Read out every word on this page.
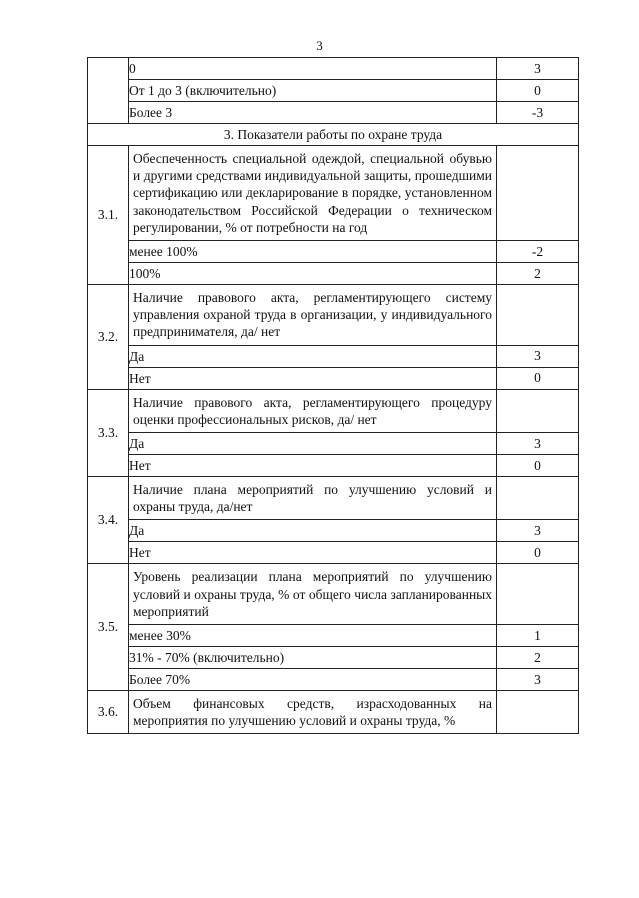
3
	0	3
	От 1 до 3 (включительно)	0
	Более 3	-3
3. Показатели работы по охране труда		
3.1.	Обеспеченность специальной одеждой, специальной обувью и другими средствами индивидуальной защиты, прошедшими сертификацию или декларирование в порядке, установленном законодательством Российской Федерации о техническом регулировании, % от потребности на год	
	менее 100%	-2
	100%	2
3.2.	Наличие правового акта, регламентирующего систему управления охраной труда в организации, у индивидуального предпринимателя, да/ нет	
	Да	3
	Нет	0
3.3.	Наличие правового акта, регламентирующего процедуру оценки профессиональных рисков, да/ нет	
	Да	3
	Нет	0
3.4.	Наличие плана мероприятий по улучшению условий и охраны труда, да/нет	
	Да	3
	Нет	0
3.5.	Уровень реализации плана мероприятий по улучшению условий и охраны труда, % от общего числа запланированных мероприятий	
	менее 30%	1
	31% - 70% (включительно)	2
	Более 70%	3
3.6.	Объем финансовых средств, израсходованных на мероприятия по улучшению условий и охраны труда, %	
